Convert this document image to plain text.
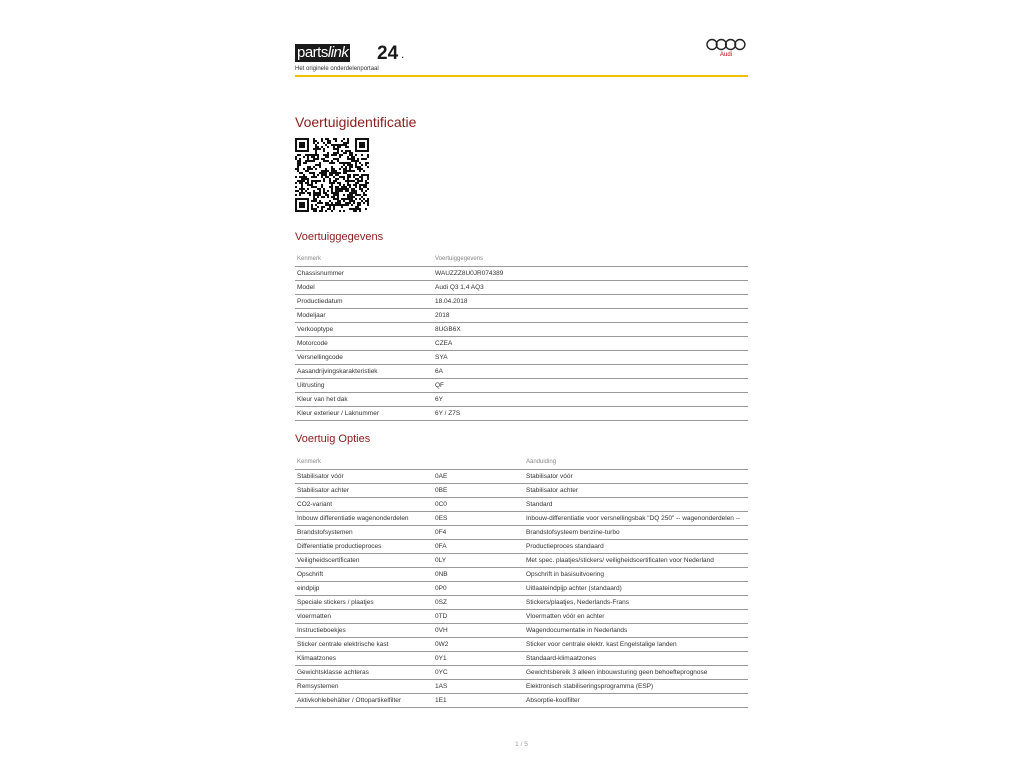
partslink 24 .
Het originele onderdelenportaal
Audi
Voertuigidentificatie
Voertuiggegevens
Kenmerk	Voertuiggegevens
Chassisnummer	WAUZZZ8U0JR074389
Model	Audi Q3 1,4 AQ3
Productiedatum	18.04.2018
Modeljaar	2018
Verkooptype	8UGB6X
Motorcode	CZEA
Versnellingcode	SYA
Aasandrijvingskarakteristiek	6A
Uitrusting	QF
Kleur van het dak	6Y
Kleur exterieur / Laknummer	6Y / Z7S
Voertuig Opties
Kenmerk		Aanduiding
Stabilisator vóór	0AE	Stabilisator vóór
Stabilisator achter	0BE	Stabilisator achter
CO2-variant	0C0	Standard
Inbouw differentiatie wagenonderdelen	0ES	Inbouw-differentiatie voor versnellingsbak "DQ 250" -- wagenonderdelen --
Brandstofsystemen	0F4	Brandstofsysteem benzine-turbo
Differentiatie productieproces	0FA	Productieproces standaard
Veiligheidscertificaten	0LY	Met spec. plaatjes/stickers/ veiligheidscertificaten voor Nederland
Opschrift	0NB	Opschrift in basisuitvoering
eindpijp	0P0	Uitlaateindpijp achter (standaard)
Speciale stickers / plaatjes	0SZ	Stickers/plaatjes, Nederlands-Frans
vloermatten	0TD	Vloermatten vóór en achter
Instructieboekjes	0VH	Wagendocumentatie in Nederlands
Sticker centrale elektrische kast	0W2	Sticker voor centrale elektr. kast Engelstalige landen
Klimaatzones	0Y1	Standaard-klimaatzones
Gewichtsklasse achteras	0YC	Gewichtsbereik 3 alleen inbouwsturing geen behoefteprognose
Remsystemen	1AS	Elektronisch stabiliseringsprogramma (ESP)
Aktivkohlebehälter / Ottopartikelfilter	1E1	Absorptie-koolfilter
1 / 5
